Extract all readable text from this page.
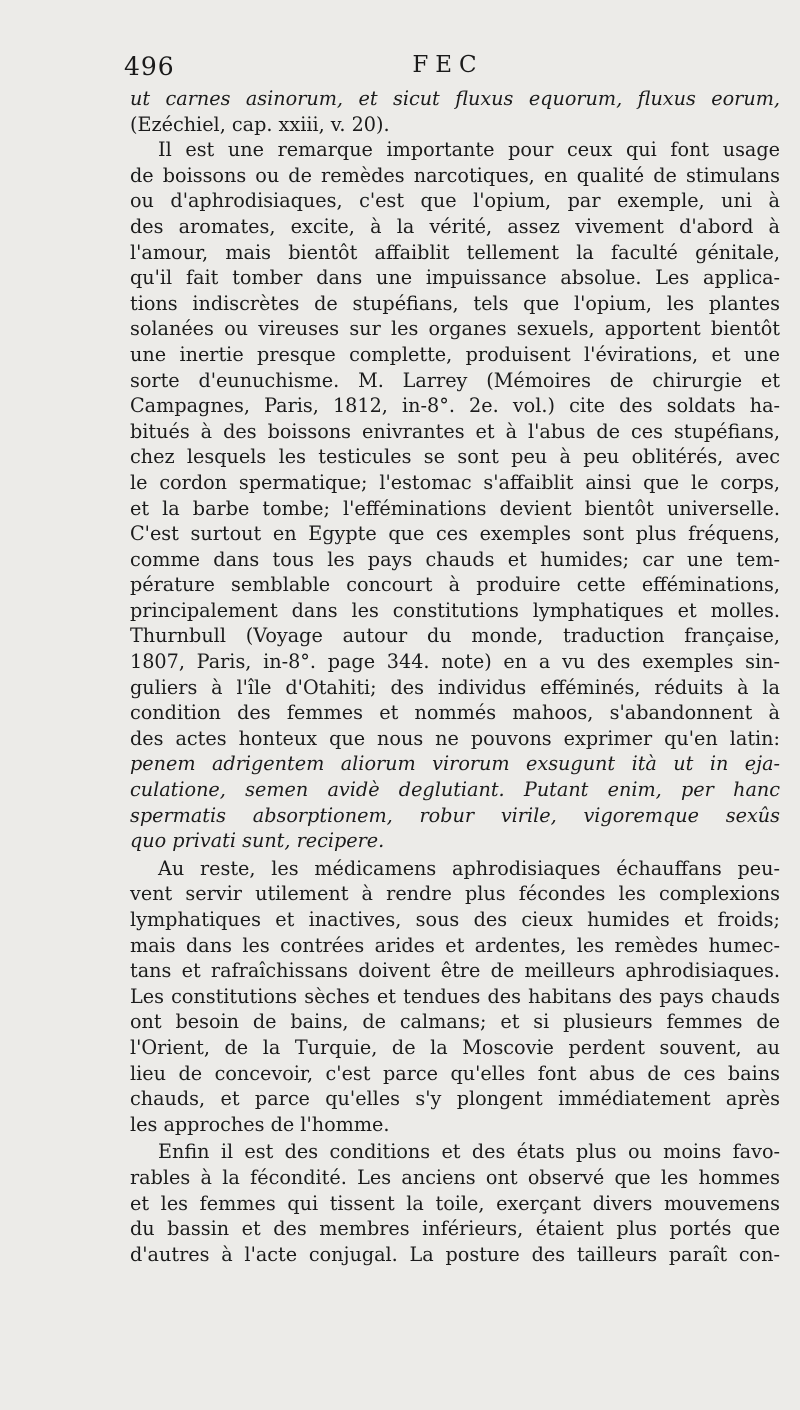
496	FEC

ut carnes asinorum, et sicut fluxus equorum, fluxus eorum,
(Ezéchiel, cap. xxiii, v. 20).

Il est une remarque importante pour ceux qui font usage
de boissons ou de remèdes narcotiques, en qualité de stimulans
ou d'aphrodisiaques, c'est que l'opium, par exemple, uni à
des aromates, excite, à la vérité, assez vivement d'abord à
l'amour, mais bientôt affaiblit tellement la faculté génitale,
qu'il fait tomber dans une impuissance absolue. Les applica-
tions indiscrètes de stupéfians, tels que l'opium, les plantes
solanées ou vireuses sur les organes sexuels, apportent bientôt
une inertie presque complette, produisent l'évirations, et une
sorte d'eunuchisme. M. Larrey (Mémoires de chirurgie et
Campagnes, Paris, 1812, in-8°. 2e. vol.) cite des soldats ha-
bitués à des boissons enivrantes et à l'abus de ces stupéfians,
chez lesquels les testicules se sont peu à peu oblitérés, avec
le cordon spermatique; l'estomac s'affaiblit ainsi que le corps,
et la barbe tombe; l'efféminations devient bientôt universelle.
C'est surtout en Egypte que ces exemples sont plus fréquens,
comme dans tous les pays chauds et humides; car une tem-
pérature semblable concourt à produire cette efféminations,
principalement dans les constitutions lymphatiques et molles.
Thurnbull (Voyage autour du monde, traduction française,
1807, Paris, in-8°. page 344. note) en a vu des exemples sin-
guliers à l'île d'Otahiti; des individus efféminés, réduits à la
condition des femmes et nommés mahoos, s'abandonnent à
des actes honteux que nous ne pouvons exprimer qu'en latin:
penem adrigentem aliorum virorum exsugunt ità ut in eja-
culatione, semen avidè deglutiant. Putant enim, per hanc
spermatis absorptionem, robur virile, vigoremque sexûs
quo privati sunt, recipere.

Au reste, les médicamens aphrodisiaques échauffans peu-
vent servir utilement à rendre plus fécondes les complexions
lymphatiques et inactives, sous des cieux humides et froids;
mais dans les contrées arides et ardentes, les remèdes humec-
tans et rafraîchissans doivent être de meilleurs aphrodisiaques.
Les constitutions sèches et tendues des habitans des pays chauds
ont besoin de bains, de calmans; et si plusieurs femmes de
l'Orient, de la Turquie, de la Moscovie perdent souvent, au
lieu de concevoir, c'est parce qu'elles font abus de ces bains
chauds, et parce qu'elles s'y plongent immédiatement après
les approches de l'homme.

Enfin il est des conditions et des états plus ou moins favo-
rables à la fécondité. Les anciens ont observé que les hommes
et les femmes qui tissent la toile, exerçant divers mouvemens
du bassin et des membres inférieurs, étaient plus portés que
d'autres à l'acte conjugal. La posture des tailleurs paraît con-
